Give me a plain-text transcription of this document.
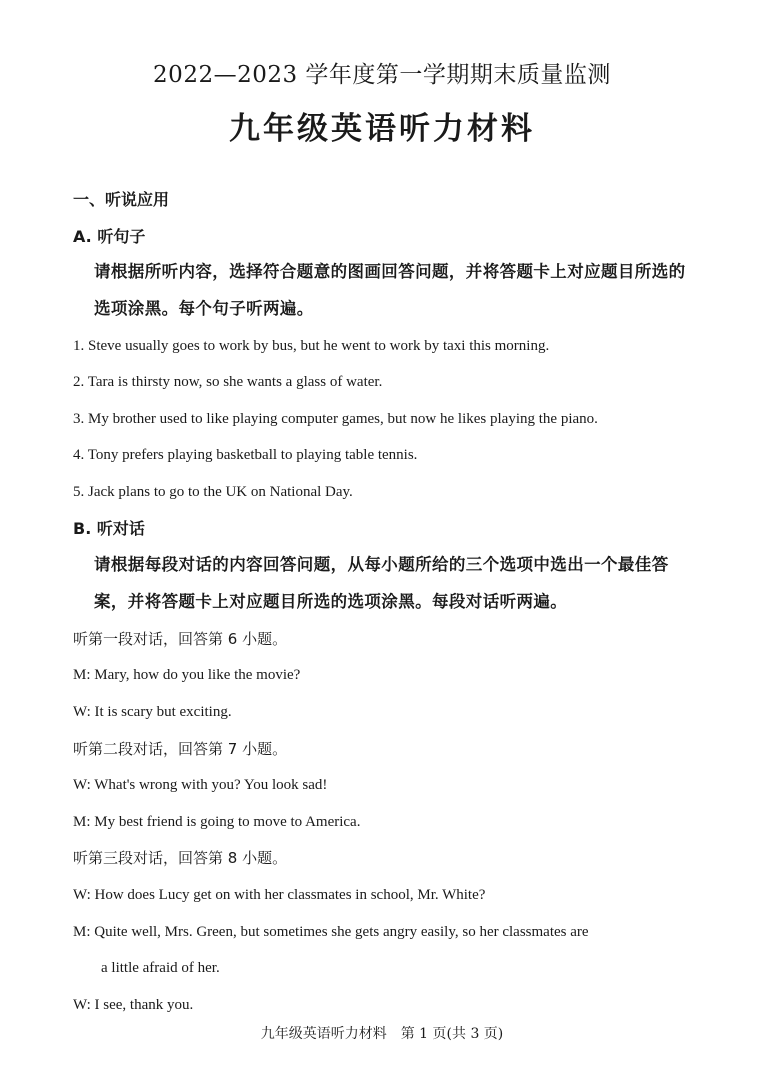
2022—2023 学年度第一学期期末质量监测
九年级英语听力材料
一、听说应用
A. 听句子
请根据所听内容，选择符合题意的图画回答问题，并将答题卡上对应题目所选的
选项涂黑。每个句子听两遍。
1. Steve usually goes to work by bus, but he went to work by taxi this morning.
2. Tara is thirsty now, so she wants a glass of water.
3. My brother used to like playing computer games, but now he likes playing the piano.
4. Tony prefers playing basketball to playing table tennis.
5. Jack plans to go to the UK on National Day.
B. 听对话
请根据每段对话的内容回答问题，从每小题所给的三个选项中选出一个最佳答
案，并将答题卡上对应题目所选的选项涂黑。每段对话听两遍。
听第一段对话，回答第 6 小题。
M: Mary, how do you like the movie?
W: It is scary but exciting.
听第二段对话，回答第 7 小题。
W: What's wrong with you? You look sad!
M: My best friend is going to move to America.
听第三段对话，回答第 8 小题。
W: How does Lucy get on with her classmates in school, Mr. White?
M: Quite well, Mrs. Green, but sometimes she gets angry easily, so her classmates are
a little afraid of her.
W: I see, thank you.
九年级英语听力材料　第 1 页(共 3 页)
